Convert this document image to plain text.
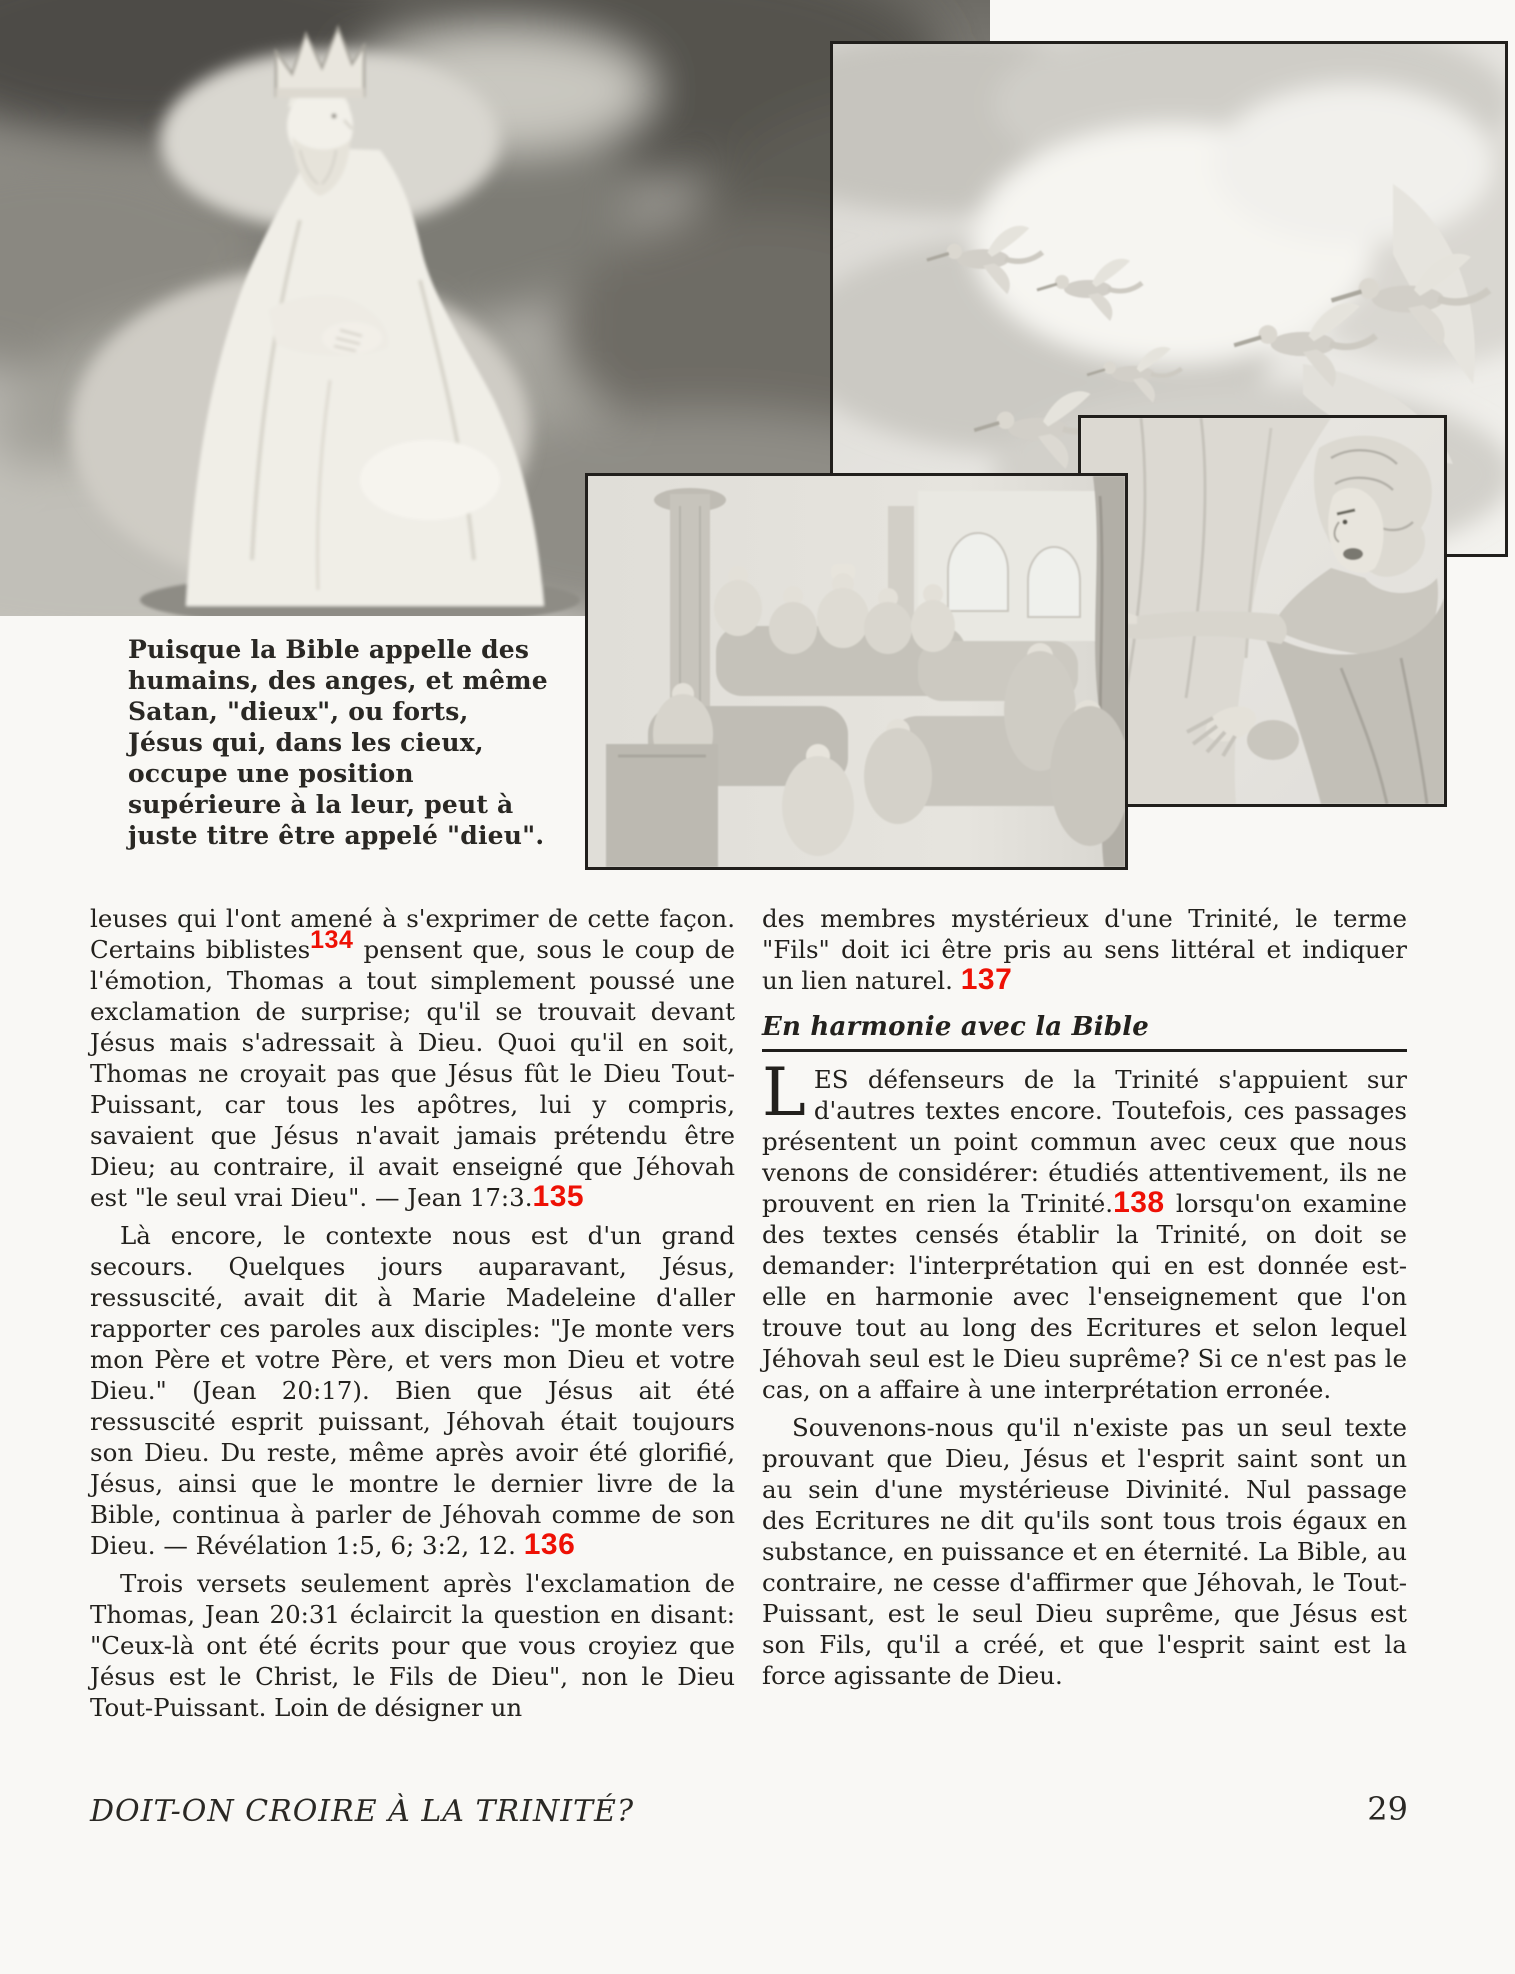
Puisque la Bible appelle des
humains, des anges, et même
Satan, "dieux", ou forts,
Jésus qui, dans les cieux,
occupe une position
supérieure à la leur, peut à
juste titre être appelé "dieu".

leuses qui l'ont amené à s'exprimer de cette façon. Certains biblistes134 pensent que, sous le coup de l'émotion, Thomas a tout simplement poussé une exclamation de surprise; qu'il se trouvait devant Jésus mais s'adressait à Dieu. Quoi qu'il en soit, Thomas ne croyait pas que Jésus fût le Dieu Tout-Puissant, car tous les apôtres, lui y compris, savaient que Jésus n'avait jamais prétendu être Dieu; au contraire, il avait enseigné que Jéhovah est "le seul vrai Dieu". — Jean 17:3.135

Là encore, le contexte nous est d'un grand secours. Quelques jours auparavant, Jésus, ressuscité, avait dit à Marie Madeleine d'aller rapporter ces paroles aux disciples: "Je monte vers mon Père et votre Père, et vers mon Dieu et votre Dieu." (Jean 20:17). Bien que Jésus ait été ressuscité esprit puissant, Jéhovah était toujours son Dieu. Du reste, même après avoir été glorifié, Jésus, ainsi que le montre le dernier livre de la Bible, continua à parler de Jéhovah comme de son Dieu. — Révélation 1:5, 6; 3:2, 12. 136

Trois versets seulement après l'exclamation de Thomas, Jean 20:31 éclaircit la question en disant: "Ceux-là ont été écrits pour que vous croyiez que Jésus est le Christ, le Fils de Dieu", non le Dieu Tout-Puissant. Loin de désigner un

des membres mystérieux d'une Trinité, le terme "Fils" doit ici être pris au sens littéral et indiquer un lien naturel. 137

En harmonie avec la Bible

LES défenseurs de la Trinité s'appuient sur d'autres textes encore. Toutefois, ces passages présentent un point commun avec ceux que nous venons de considérer: étudiés attentivement, ils ne prouvent en rien la Trinité.138 lorsqu'on examine des textes censés établir la Trinité, on doit se demander: l'interprétation qui en est donnée est-elle en harmonie avec l'enseignement que l'on trouve tout au long des Ecritures et selon lequel Jéhovah seul est le Dieu suprême? Si ce n'est pas le cas, on a affaire à une interprétation erronée.

Souvenons-nous qu'il n'existe pas un seul texte prouvant que Dieu, Jésus et l'esprit saint sont un au sein d'une mystérieuse Divinité. Nul passage des Ecritures ne dit qu'ils sont tous trois égaux en substance, en puissance et en éternité. La Bible, au contraire, ne cesse d'affirmer que Jéhovah, le Tout-Puissant, est le seul Dieu suprême, que Jésus est son Fils, qu'il a créé, et que l'esprit saint est la force agissante de Dieu.

DOIT-ON CROIRE À LA TRINITÉ?	29
